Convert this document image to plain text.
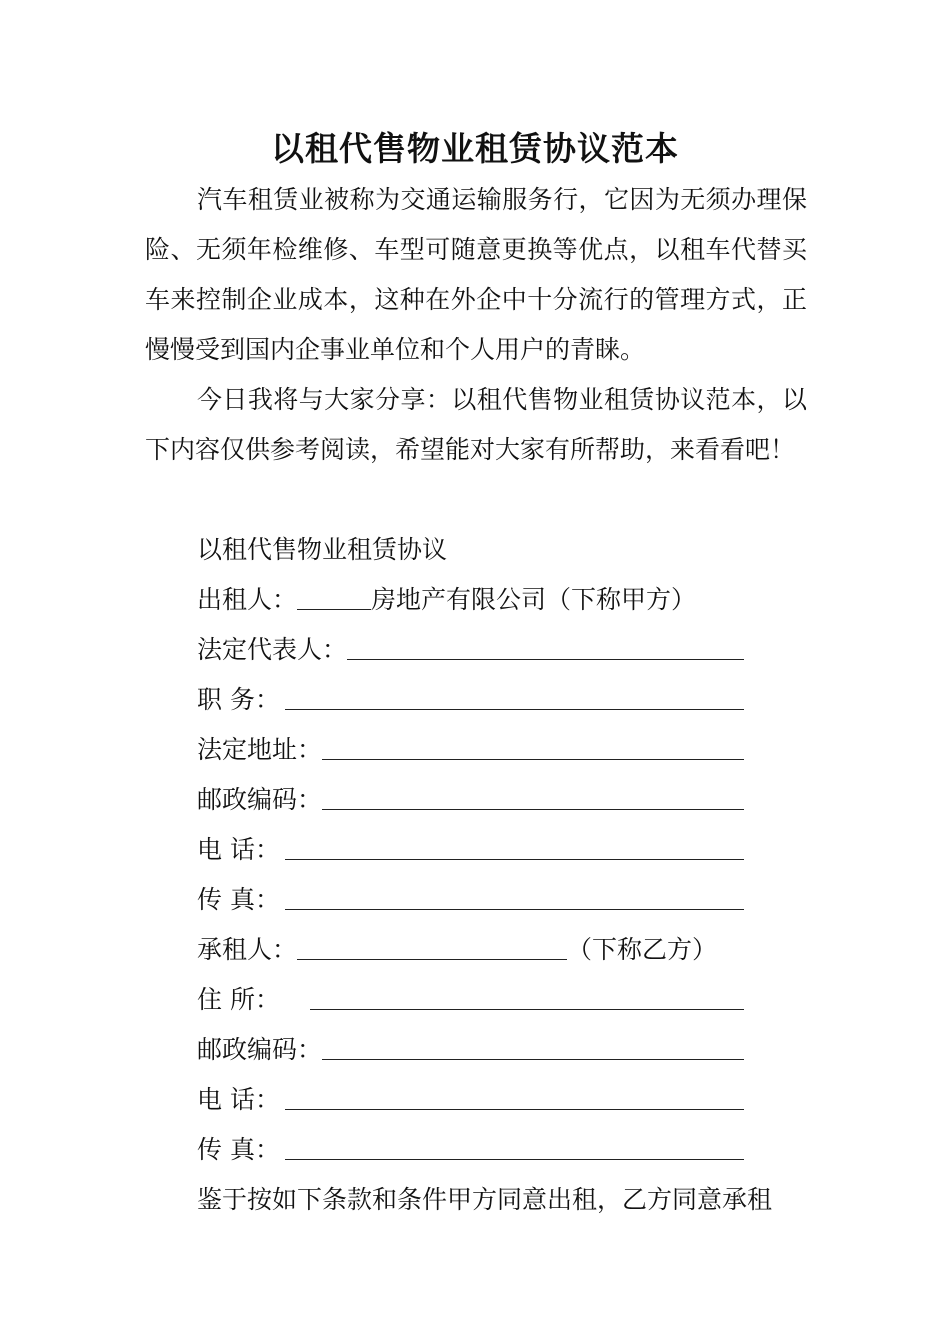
以租代售物业租赁协议范本

汽车租赁业被称为交通运输服务行，它因为无须办理保险、无须年检维修、车型可随意更换等优点，以租车代替买车来控制企业成本，这种在外企中十分流行的管理方式，正慢慢受到国内企事业单位和个人用户的青睐。

今日我将与大家分享：以租代售物业租赁协议范本，以下内容仅供参考阅读，希望能对大家有所帮助，来看看吧！

以租代售物业租赁协议
出租人：	房地产有限公司（下称甲方）
法定代表人：
职 务：
法定地址：
邮政编码：
电 话：
传 真：
承租人：	（下称乙方）
住 所：
邮政编码：
电 话：
传 真：
鉴于按如下条款和条件甲方同意出租，乙方同意承租
